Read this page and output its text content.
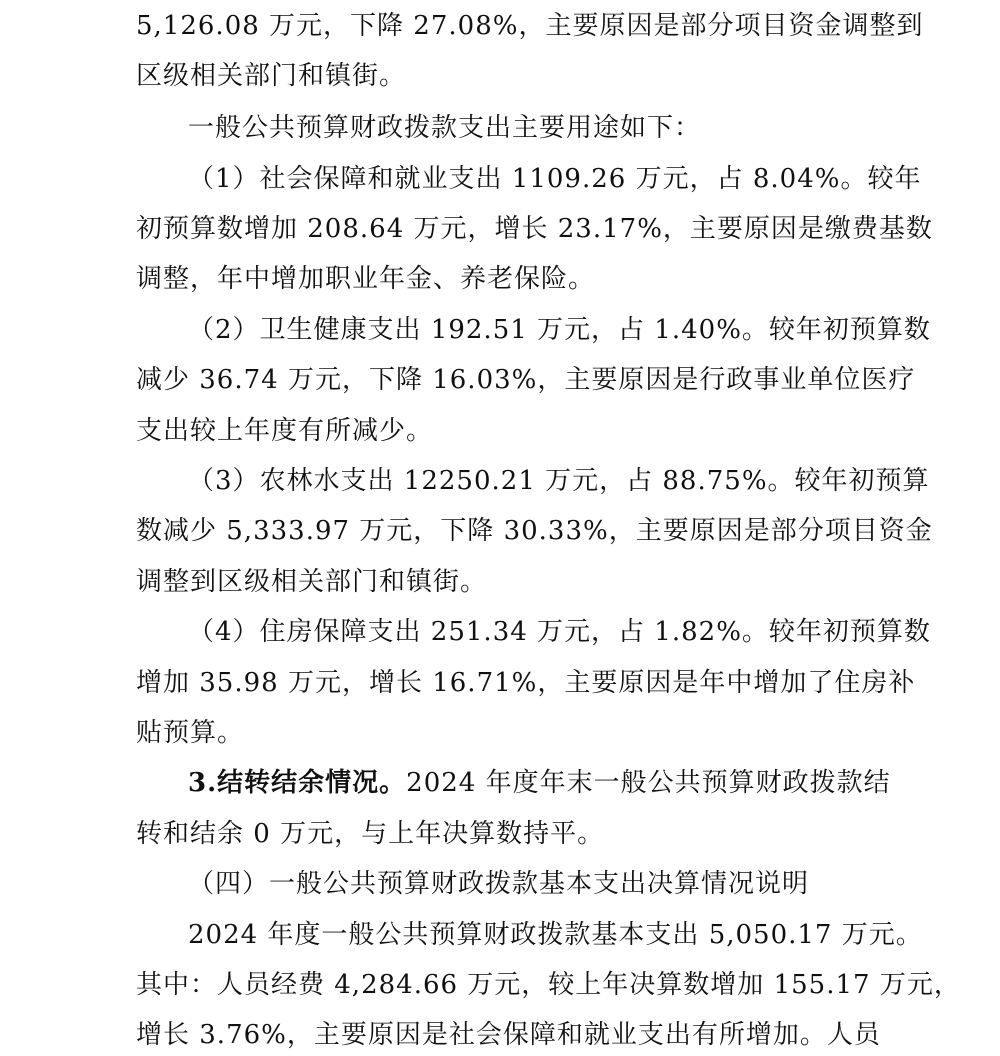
5,126.08 万元，下降 27.08%，主要原因是部分项目资金调整到
区级相关部门和镇街。
一般公共预算财政拨款支出主要用途如下：
（1）社会保障和就业支出 1109.26 万元，占 8.04%。较年
初预算数增加 208.64 万元，增长 23.17%，主要原因是缴费基数
调整，年中增加职业年金、养老保险。
（2）卫生健康支出 192.51 万元，占 1.40%。较年初预算数
减少 36.74 万元，下降 16.03%，主要原因是行政事业单位医疗
支出较上年度有所减少。
（3）农林水支出 12250.21 万元，占 88.75%。较年初预算
数减少 5,333.97 万元，下降 30.33%，主要原因是部分项目资金
调整到区级相关部门和镇街。
（4）住房保障支出 251.34 万元，占 1.82%。较年初预算数
增加 35.98 万元，增长 16.71%，主要原因是年中增加了住房补
贴预算。
3.结转结余情况。2024 年度年末一般公共预算财政拨款结
转和结余 0 万元，与上年决算数持平。
（四）一般公共预算财政拨款基本支出决算情况说明
2024 年度一般公共预算财政拨款基本支出 5,050.17 万元。
其中：人员经费 4,284.66 万元，较上年决算数增加 155.17 万元，
增长 3.76%，主要原因是社会保障和就业支出有所增加。人员
